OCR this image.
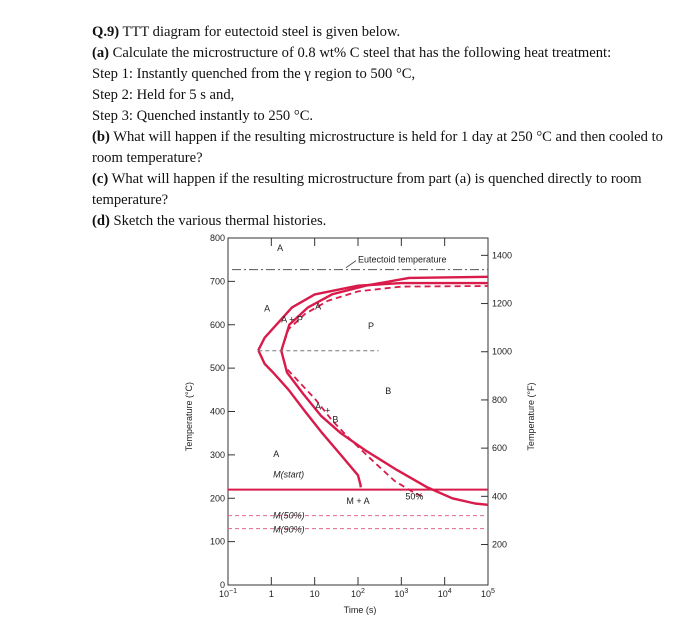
Q.9) TTT diagram for eutectoid steel is given below.

(a) Calculate the microstructure of 0.8 wt% C steel that has the following heat treatment:

Step 1: Instantly quenched from the γ region to 500 °C,

Step 2: Held for 5 s and,

Step 3: Quenched instantly to 250 °C.

(b) What will happen if the resulting microstructure is held for 1 day at 250 °C and then cooled to room temperature?

(c) What will happen if the resulting microstructure from part (a) is quenched directly to room temperature?

(d) Sketch the various thermal histories.

0
100
200
300
400
500
600
700
800
200
400
600
800
1000
1200
1400
$10^{-1}$	1	10	$10^2$	$10^3$	$10^4$	$10^5$
Time (s)
Temperature (°C)	Temperature (°F)
Eutectoid temperature
M(start)
M(50%)
M(90%)
A
A
A
P
B
M + A	50%
A + P
A
A +
B
